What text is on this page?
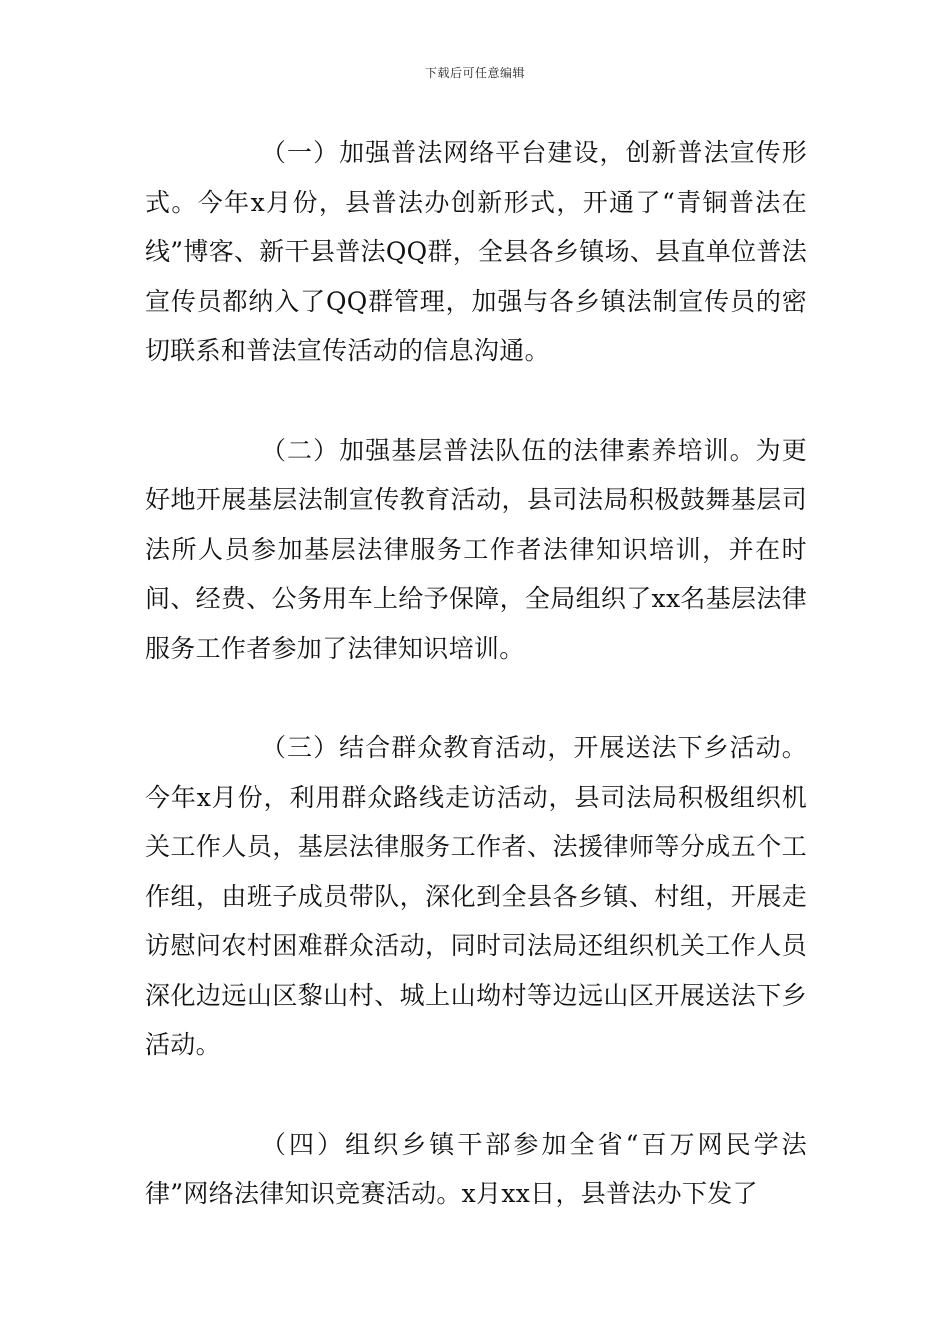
下载后可任意编辑

（一）加强普法网络平台建设，创新普法宣传形式。今年x月份，县普法办创新形式，开通了“青铜普法在线”博客、新干县普法QQ群，全县各乡镇场、县直单位普法宣传员都纳入了QQ群管理，加强与各乡镇法制宣传员的密切联系和普法宣传活动的信息沟通。

（二）加强基层普法队伍的法律素养培训。为更好地开展基层法制宣传教育活动，县司法局积极鼓舞基层司法所人员参加基层法律服务工作者法律知识培训，并在时间、经费、公务用车上给予保障，全局组织了xx名基层法律服务工作者参加了法律知识培训。

（三）结合群众教育活动，开展送法下乡活动。今年x月份，利用群众路线走访活动，县司法局积极组织机关工作人员，基层法律服务工作者、法援律师等分成五个工作组，由班子成员带队，深化到全县各乡镇、村组，开展走访慰问农村困难群众活动，同时司法局还组织机关工作人员深化边远山区黎山村、城上山坳村等边远山区开展送法下乡活动。

（四）组织乡镇干部参加全省“百万网民学法律”网络法律知识竞赛活动。x月xx日，县普法办下发了
